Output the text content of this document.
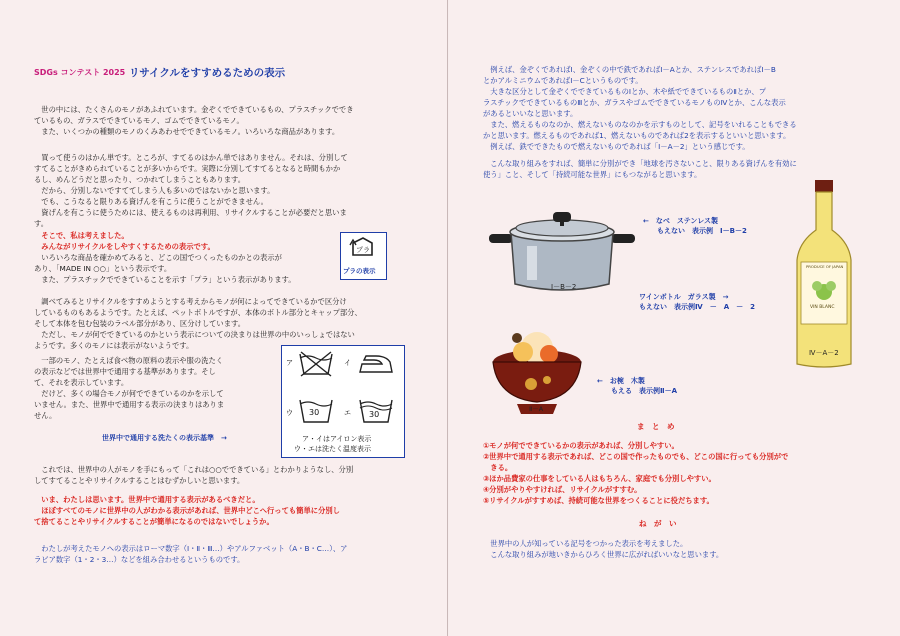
SDGs コンテスト 2025 リサイクルをすすめるための表示
　世の中には、たくさんのモノがあふれています。金ぞくでできているもの、プラスチックででき
ているもの、ガラスでできているモノ、ゴムでできているモノ。
　また、いくつかの種類のモノのくみあわせでできているモノ。いろいろな商品があります。
　買って使うのはかん単です。ところが、すてるのはかん単ではありません。それは、分別して
すてることがきめられていることが多いからです。実際に分別してすてるとなると時間もかか
るし、めんどうだと思ったり、つかれてしまうこともあります。
　だから、分別しないですててしまう人も多いのではないかと思います。
　でも、こうなると限りある資げんを有こうに使うことができません。
　資げんを有こうに使うためには、使えるものは再利用、リサイクルすることが必要だと思いま
す。
　そこで、私は考えました。
　みんながリサイクルをしやすくするための表示です。
　いろいろな商品を確かめてみると、どこの国でつくったものかとの表示が
あり、「MADE IN ○○」という表示です。
　また、プラスチックでできていることを示す「プラ」という表示があります。
プラ
プラの表示
　調べてみるとリサイクルをすすめようとする考えからモノが何によってできているかで区分け
しているものもあるようです。たとえば、ペットボトルですが、本体のボトル部分とキャップ部分、
そして本体を包む包装のラベル部分があり、区分けしています。
　ただし、モノが何でできているのかという表示についての決まりは世界の中のいっしょではない
ようです。多くのモノには表示がないようです。
　一部のモノ、たとえば食べ物の原料の表示や服の洗たく
の表示などでは世界中で通用する基準があります。そし
て、それを表示しています。
　だけど、多くの場合モノが何でできているのかを示して
いません。また、世界中で通用する表示の決まりはありま
せん。
ア	イ
ウ 30	エ 30
ア・イはアイロン表示
ウ・エは洗たく温度表示
世界中で通用する洗たくの表示基準　→
　これでは、世界中の人がモノを手にもって「これは○○でできている」とわかりようなし、分別
してすてることやリサイクルすることはむずかしいと思います。
　いま、わたしは思います。世界中で通用する表示があるべきだと。
　ほぼすべてのモノに世界中の人がわかる表示があれば、世界中どこへ行っても簡単に分別し
て捨てることやリサイクルすることが簡単になるのではないでしょうか。
　わたしが考えたモノへの表示はローマ数字（Ⅰ・Ⅱ・Ⅲ…）やアルファベット（A・B・C…）、ア
ラビア数字（1・2・3…）などを組み合わせるというものです。
　例えば、金ぞくであればⅠ、金ぞくの中で鉄であればⅠ－Aとか、ステンレスであればⅠ－B
とかアルミニウムであればⅠ－Cというものです。
　大きな区分として金ぞくでできているものⅠとか、木や紙でできているものⅡとか、プ
ラスチックでできているものⅢとか、ガラスやゴムでできているモノものⅣとか、こんな表示
があるといいなと思います。
　また、燃えるものなのか、燃えないものなのかを示すものとして、記号をいれることもできる
かと思います。燃えるものであれば1、燃えないものであれば2を表示するといいと思います。
　例えば、鉄でできたもので燃えないものであれば「Ⅰ－A－2」という感じです。
　こんな取り組みをすれば、簡単に分別ができ「地球を汚さないこと、限りある資げんを有効に
使う」こと、そして「持続可能な世界」にもつながると思います。
Ⅰ－B－2
←　なべ　ステンレス製
　　もえない　表示例　Ⅰ－B－2
PRODUCE OF JAPAN
VIN BLANC
Ⅳ－A－2
ワインボトル　ガラス製　→
もえない　表示例Ⅳ　－　A　－　2
Ⅱ－A
←　お椀　木製
　　もえる　表示例Ⅱ－A
ま　と　め
①モノが何でできているかの表示があれば、分別しやすい。
②世界中で通用する表示であれば、どこの国で作ったものでも、どこの国に行っても分別がで
　きる。
③ほか品費家の仕事をしている人はもちろん、家庭でも分別しやすい。
④分別がやりやすければ、リサイクルがすすむ。
⑤リサイクルがすすめば、持続可能な世界をつくることに役だちます。
ね　が　い
　世界中の人が知っている記号をつかった表示を考えました。
　こんな取り組みが地いきからひろく世界に広がればいいなと思います。
